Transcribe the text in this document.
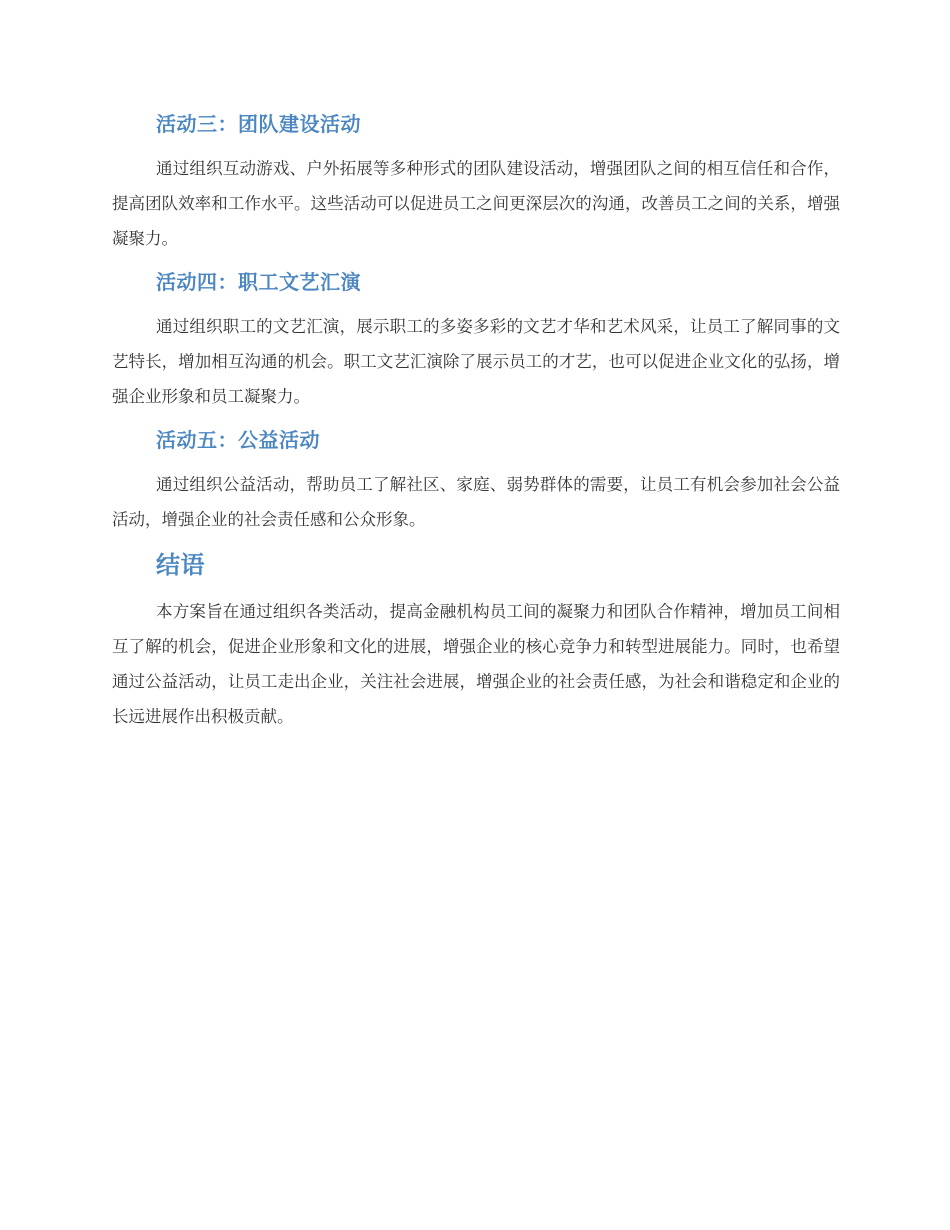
活动三：团队建设活动

通过组织互动游戏、户外拓展等多种形式的团队建设活动，增强团队之间的相互信任和合作，提高团队效率和工作水平。这些活动可以促进员工之间更深层次的沟通，改善员工之间的关系，增强凝聚力。

活动四：职工文艺汇演

通过组织职工的文艺汇演，展示职工的多姿多彩的文艺才华和艺术风采，让员工了解同事的文艺特长，增加相互沟通的机会。职工文艺汇演除了展示员工的才艺，也可以促进企业文化的弘扬，增强企业形象和员工凝聚力。

活动五：公益活动

通过组织公益活动，帮助员工了解社区、家庭、弱势群体的需要，让员工有机会参加社会公益活动，增强企业的社会责任感和公众形象。

结语

本方案旨在通过组织各类活动，提高金融机构员工间的凝聚力和团队合作精神，增加员工间相互了解的机会，促进企业形象和文化的进展，增强企业的核心竞争力和转型进展能力。同时，也希望通过公益活动，让员工走出企业，关注社会进展，增强企业的社会责任感，为社会和谐稳定和企业的长远进展作出积极贡献。
